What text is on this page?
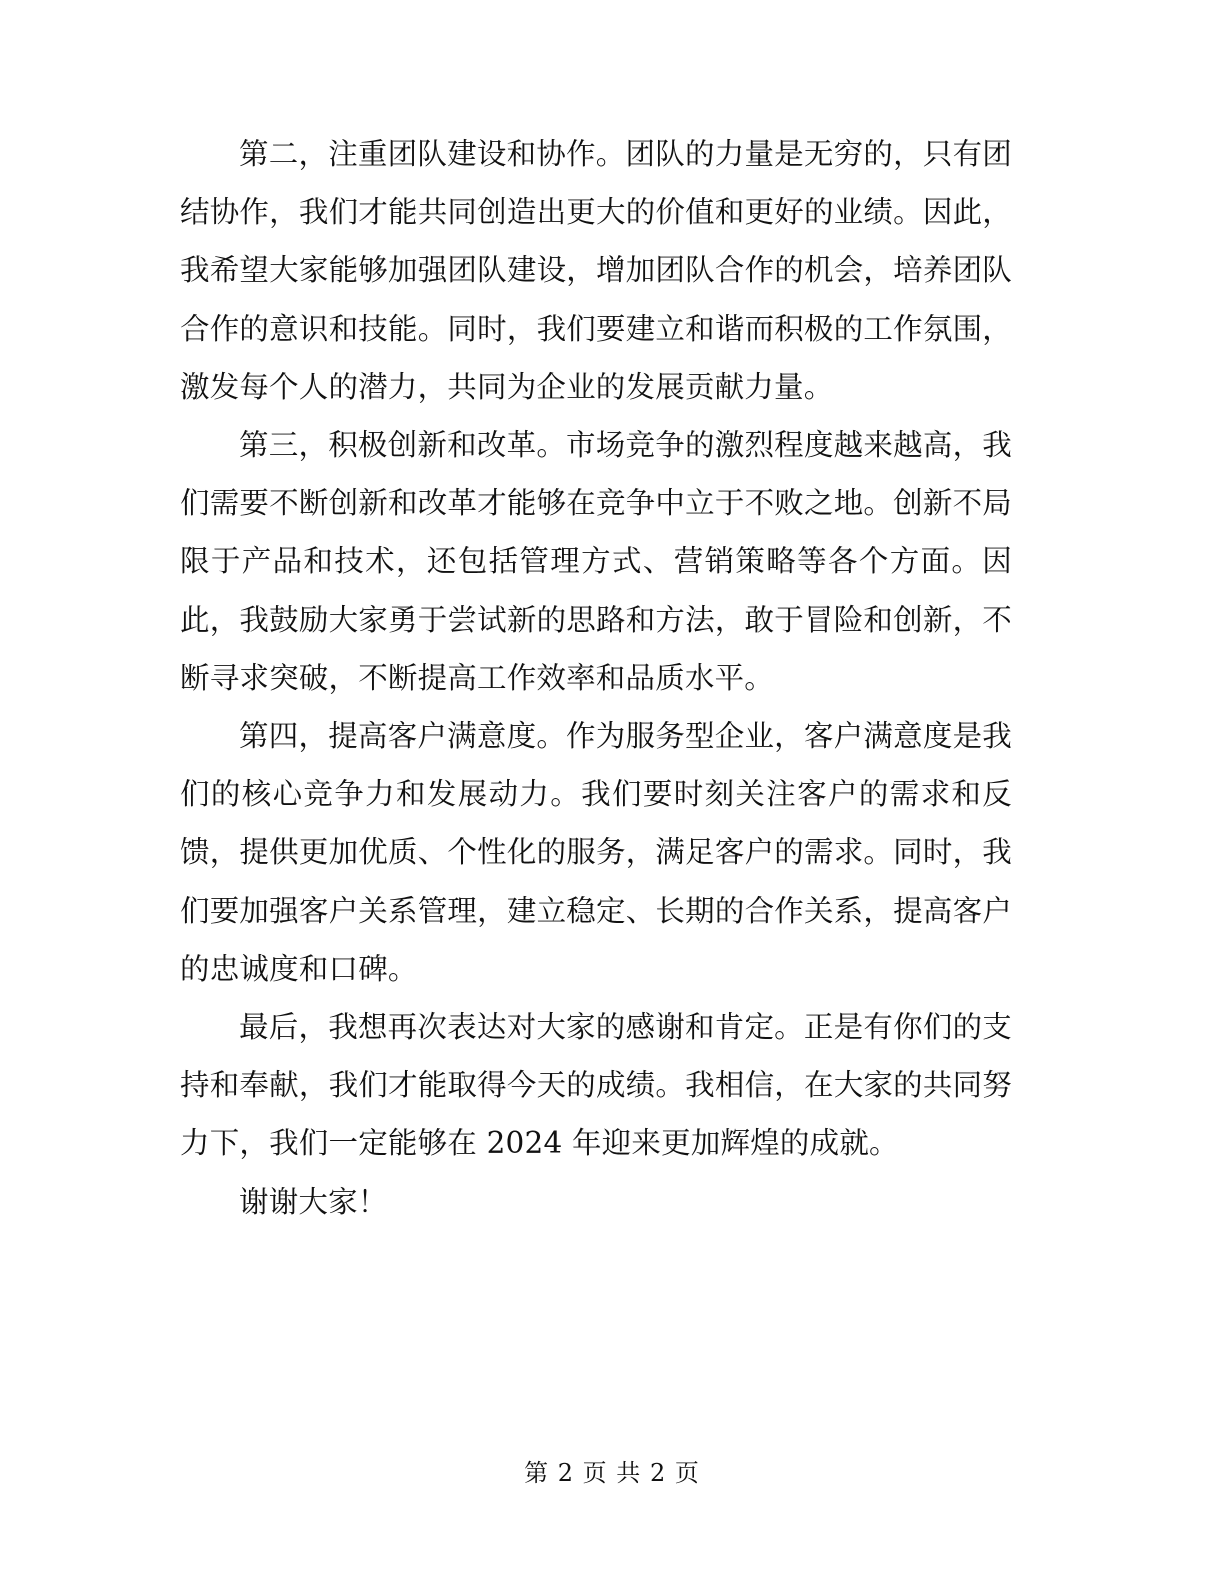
第二，注重团队建设和协作。团队的力量是无穷的，只有团结协作，我们才能共同创造出更大的价值和更好的业绩。因此，我希望大家能够加强团队建设，增加团队合作的机会，培养团队合作的意识和技能。同时，我们要建立和谐而积极的工作氛围，激发每个人的潜力，共同为企业的发展贡献力量。

第三，积极创新和改革。市场竞争的激烈程度越来越高，我们需要不断创新和改革才能够在竞争中立于不败之地。创新不局限于产品和技术，还包括管理方式、营销策略等各个方面。因此，我鼓励大家勇于尝试新的思路和方法，敢于冒险和创新，不断寻求突破，不断提高工作效率和品质水平。

第四，提高客户满意度。作为服务型企业，客户满意度是我们的核心竞争力和发展动力。我们要时刻关注客户的需求和反馈，提供更加优质、个性化的服务，满足客户的需求。同时，我们要加强客户关系管理，建立稳定、长期的合作关系，提高客户的忠诚度和口碑。

最后，我想再次表达对大家的感谢和肯定。正是有你们的支持和奉献，我们才能取得今天的成绩。我相信，在大家的共同努力下，我们一定能够在 2024 年迎来更加辉煌的成就。

谢谢大家！

第 2 页 共 2 页
